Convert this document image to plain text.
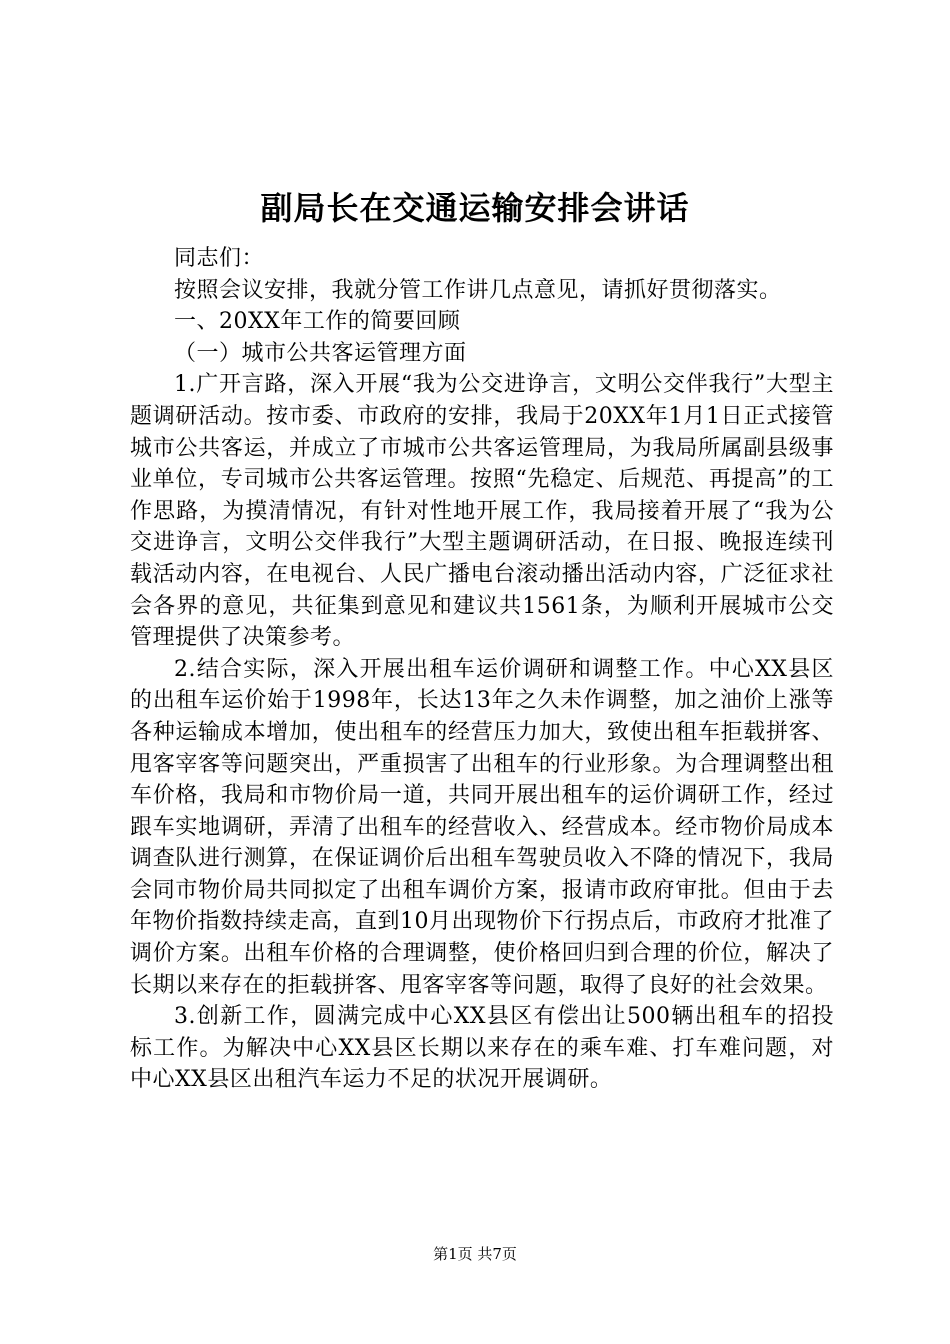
副局长在交通运输安排会讲话

同志们：

按照会议安排，我就分管工作讲几点意见，请抓好贯彻落实。

一、20XX年工作的简要回顾

（一）城市公共客运管理方面

1.广开言路，深入开展“我为公交进诤言，文明公交伴我行”大型主题调研活动。按市委、市政府的安排，我局于20XX年1月1日正式接管城市公共客运，并成立了市城市公共客运管理局，为我局所属副县级事业单位，专司城市公共客运管理。按照“先稳定、后规范、再提高”的工作思路，为摸清情况，有针对性地开展工作，我局接着开展了“我为公交进诤言，文明公交伴我行”大型主题调研活动，在日报、晚报连续刊载活动内容，在电视台、人民广播电台滚动播出活动内容，广泛征求社会各界的意见，共征集到意见和建议共1561条，为顺利开展城市公交管理提供了决策参考。

2.结合实际，深入开展出租车运价调研和调整工作。中心XX县区的出租车运价始于1998年，长达13年之久未作调整，加之油价上涨等各种运输成本增加，使出租车的经营压力加大，致使出租车拒载拼客、甩客宰客等问题突出，严重损害了出租车的行业形象。为合理调整出租车价格，我局和市物价局一道，共同开展出租车的运价调研工作，经过跟车实地调研，弄清了出租车的经营收入、经营成本。经市物价局成本调查队进行测算，在保证调价后出租车驾驶员收入不降的情况下，我局会同市物价局共同拟定了出租车调价方案，报请市政府审批。但由于去年物价指数持续走高，直到10月出现物价下行拐点后，市政府才批准了调价方案。出租车价格的合理调整，使价格回归到合理的价位，解决了长期以来存在的拒载拼客、甩客宰客等问题，取得了良好的社会效果。

3.创新工作，圆满完成中心XX县区有偿出让500辆出租车的招投标工作。为解决中心XX县区长期以来存在的乘车难、打车难问题，对中心XX县区出租汽车运力不足的状况开展调研。

第1页 共7页
